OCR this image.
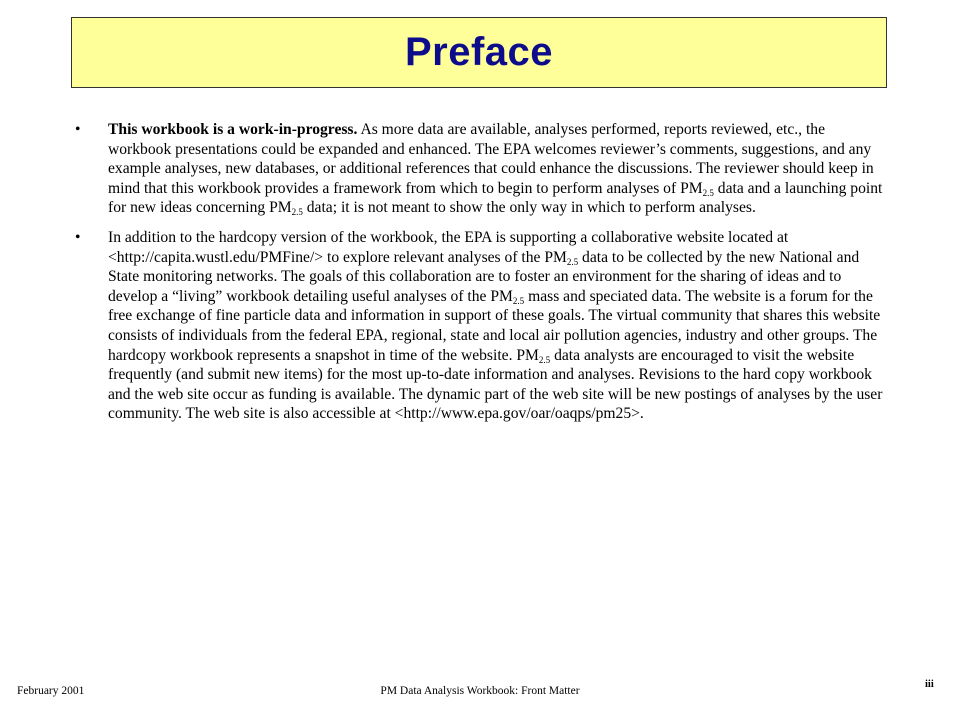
Preface
• This workbook is a work-in-progress. As more data are available, analyses performed, reports reviewed, etc., the workbook presentations could be expanded and enhanced. The EPA welcomes reviewer’s comments, suggestions, and any example analyses, new databases, or additional references that could enhance the discussions. The reviewer should keep in mind that this workbook provides a framework from which to begin to perform analyses of $PM_{2.5}$ data and a launching point for new ideas concerning $PM_{2.5}$ data; it is not meant to show the only way in which to perform analyses.
• In addition to the hardcopy version of the workbook, the EPA is supporting a collaborative website located at <http://capita.wustl.edu/PMFine/> to explore relevant analyses of the $PM_{2.5}$ data to be collected by the new National and State monitoring networks. The goals of this collaboration are to foster an environment for the sharing of ideas and to develop a “living” workbook detailing useful analyses of the $PM_{2.5}$ mass and speciated data. The website is a forum for the free exchange of fine particle data and information in support of these goals. The virtual community that shares this website consists of individuals from the federal EPA, regional, state and local air pollution agencies, industry and other groups. The hardcopy workbook represents a snapshot in time of the website. $PM_{2.5}$ data analysts are encouraged to visit the website frequently (and submit new items) for the most up-to-date information and analyses. Revisions to the hard copy workbook and the web site occur as funding is available. The dynamic part of the web site will be new postings of analyses by the user community. The web site is also accessible at <http://www.epa.gov/oar/oaqps/pm25>.
February 2001	PM Data Analysis Workbook: Front Matter
iii
